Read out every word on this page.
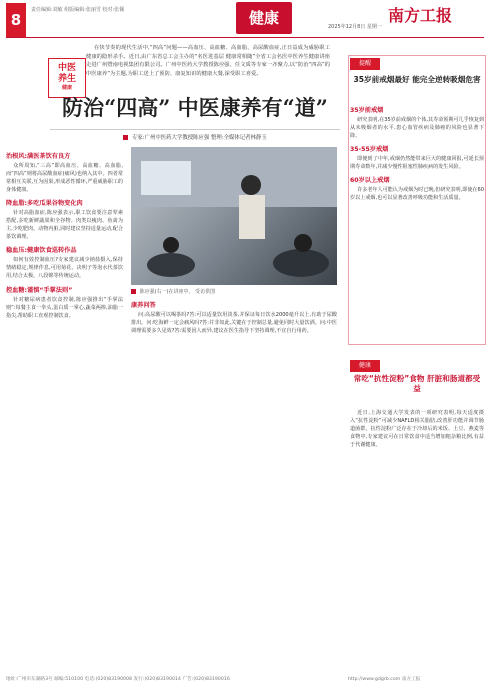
8
责任编辑:刘敏 组版编辑:张丽雪 校对:张佩	健康	2025年12月8日 星期一
南方工报
中医
养生
健康
在快节奏的现代生活中,“四高”问题——高血压、高血糖、高血脂、高尿酸血症,正日益成为威胁职工健康的隐形杀手。近日,由广东省总工会主办的“名医进基层 健康常相随”全省工会名医中医养生健康讲座走进广州暨南电视集团有限公司。广州中医药大学教授陈应强、任文质等专家一齐聚力,以“防治“四高”的中医康养”为主题,为职工送上了预防、康复知识的健康大餐,深受职工喜爱。
防治“四高” 中医康养有“道”
专家:广州中医药大学教授陈应强 整理:全媒体记者林静玉
治根风:满医茶饮有良方
众所周知,“三高”即高血压、高血糖、高血脂,而“四高”则将高尿酸血症(痛风)也纳入其中。四者常常相互关联,互为因果,形成恶性循环,严重威胁职工的身体健康。
降血脂:多吃瓜果谷物变化肉
针对高脂血症,陈应强表示,职工饮食要注意荤素搭配,多吃新鲜蔬果和全谷物。肉类以瘦肉、鱼禽为主,少吃肥肉、动物内脏,同时建议坚持适量运动,配合茶饮调理。
稳血压:健康饮食巡转作品
如何有效控制血压?专家建议减少钠盐摄入,保持情绪稳定,规律作息,可用菊花、决明子等泡水代茶饮用,结合太极、八段锦等传统运动。
控血糖:谨慎“手掌法则”
针对糖尿病患者饮食控制,陈应强推出“手掌法则”:每餐主食一拳头,蛋白质一掌心,蔬菜两捧,油脂一指尖,帮助职工直观控制饮食。
陈应强(右一)在讲座中。 受访供图
康养问答
问:高尿酸可以喝茶吗?答:可以适量饮用淡茶,并保证每日饮水2000毫升以上,有助于尿酸排出。问:吃海鲜一定会痛风吗?答:并非如此,关键在于控制总量,避免同时大量饮酒。问:中医调理需要多久见效?答:需要因人而异,建议在医生指导下坚持调理,不宜自行用药。
提醒
35岁前戒烟最好 能完全逆转吸烟危害
35岁前戒烟
研究表明,在35岁前戒烟的个体,其寿命预期可几乎恢复到从未吸烟者的水平,患心血管疾病及肺癌的风险也显著下降。
35-55岁戒烟
即便到了中年,戒烟仍然能带来巨大的健康回报,可延长预期寿命数年,并减少慢性阻塞性肺疾病的发生风险。
60岁以上戒烟
许多老年人可能认为戒烟为时已晚,但研究表明,即使在60岁以上戒烟,也可以显著改善呼吸功能和生活质量。
健康
常吃“抗性淀粉”食物 肝脏和肠道都受益
近日,上海交通大学发表的一项研究表明,每天适度摄入“抗性淀粉”可减少NAFLD相关脂肪,改善肝功能并调节肠道菌群。抗性淀粉广泛存在于冷却后的米饭、土豆、燕麦等食物中,专家建议可在日常饮食中适当增加粗杂粮比例,有益于代谢健康。
地址:广州市东湖路3号 邮编:510100 电话:(020)83190008 发行:(020)83190014 广告:(020)83190016	http://www.gdgrb.com 南方工报
